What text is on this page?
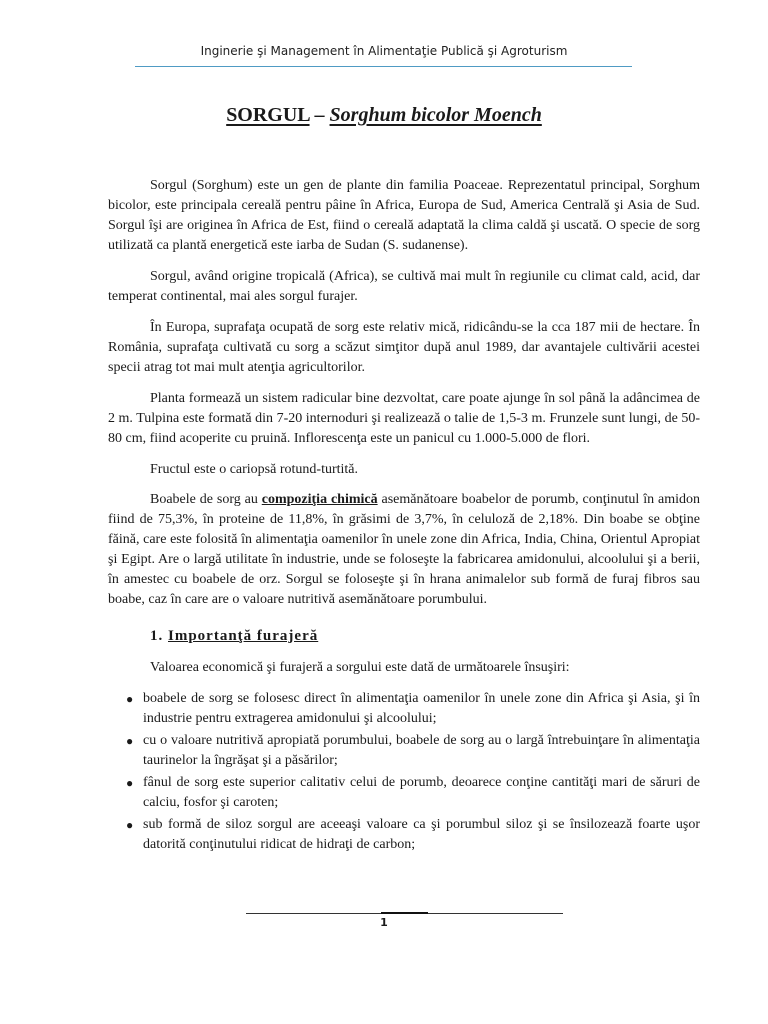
Inginerie şi Management în Alimentaţie Publică şi Agroturism
SORGUL – Sorghum bicolor Moench

Sorgul (Sorghum) este un gen de plante din familia Poaceae. Reprezentatul principal, Sorghum bicolor, este principala cereală pentru pâine în Africa, Europa de Sud, America Centrală şi Asia de Sud. Sorgul îşi are originea în Africa de Est, fiind o cereală adaptată la clima caldă şi uscată. O specie de sorg utilizată ca plantă energetică este iarba de Sudan (S. sudanense).

Sorgul, având origine tropicală (Africa), se cultivă mai mult în regiunile cu climat cald, acid, dar temperat continental, mai ales sorgul furajer.

În Europa, suprafaţa ocupată de sorg este relativ mică, ridicându-se la cca 187 mii de hectare. În România, suprafaţa cultivată cu sorg a scăzut simţitor după anul 1989, dar avantajele cultivării acestei specii atrag tot mai mult atenţia agricultorilor.

Planta formează un sistem radicular bine dezvoltat, care poate ajunge în sol până la adâncimea de 2 m. Tulpina este formată din 7-20 internoduri şi realizează o talie de 1,5-3 m. Frunzele sunt lungi, de 50-80 cm, fiind acoperite cu pruină. Inflorescenţa este un panicul cu 1.000-5.000 de flori.

Fructul este o cariopsă rotund-turtită.

Boabele de sorg au compoziţia chimică asemănătoare boabelor de porumb, conţinutul în amidon fiind de 75,3%, în proteine de 11,8%, în grăsimi de 3,7%, în celuloză de 2,18%. Din boabe se obţine făină, care este folosită în alimentaţia oamenilor în unele zone din Africa, India, China, Orientul Apropiat şi Egipt. Are o largă utilitate în industrie, unde se foloseşte la fabricarea amidonului, alcoolului şi a berii, în amestec cu boabele de orz. Sorgul se foloseşte şi în hrana animalelor sub formă de furaj fibros sau boabe, caz în care are o valoare nutritivă asemănătoare porumbului.

1. Importanţă furajeră

Valoarea economică şi furajeră a sorgului este dată de următoarele însuşiri:

● boabele de sorg se folosesc direct în alimentaţia oamenilor în unele zone din Africa şi Asia, şi în industrie pentru extragerea amidonului şi alcoolului;
● cu o valoare nutritivă apropiată porumbului, boabele de sorg au o largă întrebuinţare în alimentaţia taurinelor la îngrăşat şi a păsărilor;
● fânul de sorg este superior calitativ celui de porumb, deoarece conţine cantităţi mari de săruri de calciu, fosfor şi caroten;
● sub formă de siloz sorgul are aceeaşi valoare ca şi porumbul siloz şi se însilozează foarte uşor datorită conţinutului ridicat de hidraţi de carbon;
1
